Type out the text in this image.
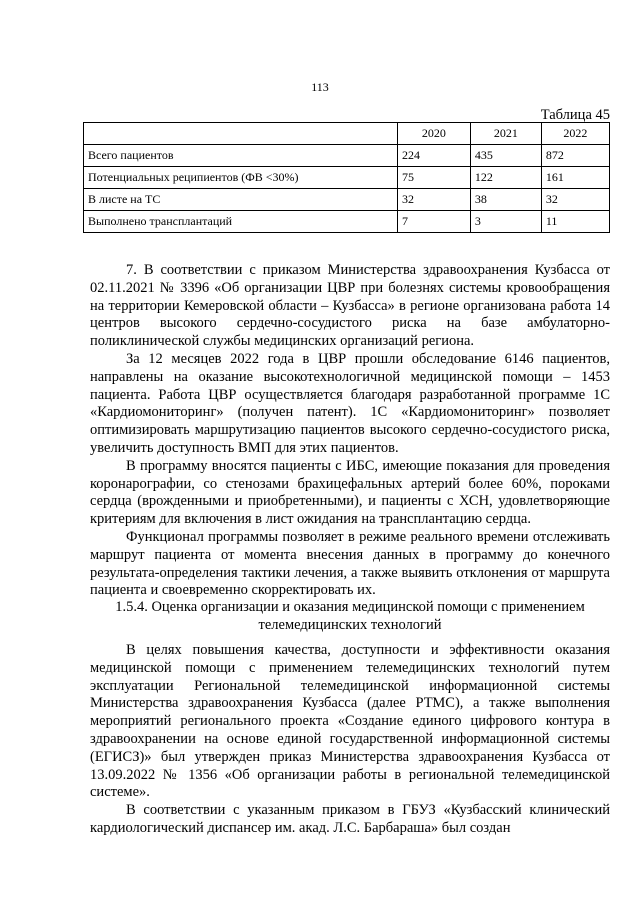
113
Таблица 45
	2020	2021	2022
Всего пациентов	224	435	872
Потенциальных реципиентов (ФВ <30%)	75	122	161
В листе на ТС	32	38	32
Выполнено трансплантаций	7	3	11

7. В соответствии с приказом Министерства здравоохранения Кузбасса от 02.11.2021 № 3396 «Об организации ЦВР при болезнях системы кровообращения на территории Кемеровской области – Кузбасса» в регионе организована работа 14 центров высокого сердечно-сосудистого риска на базе амбулаторно-поликлинической службы медицинских организаций региона.

За 12 месяцев 2022 года в ЦВР прошли обследование 6146 пациентов, направлены на оказание высокотехнологичной медицинской помощи – 1453 пациента. Работа ЦВР осуществляется благодаря разработанной программе 1С «Кардиомониторинг» (получен патент). 1С «Кардиомониторинг» позволяет оптимизировать маршрутизацию пациентов высокого сердечно-сосудистого риска, увеличить доступность ВМП для этих пациентов.

В программу вносятся пациенты с ИБС, имеющие показания для проведения коронарографии, со стенозами брахицефальных артерий более 60%, пороками сердца (врожденными и приобретенными), и пациенты с ХСН, удовлетворяющие критериям для включения в лист ожидания на трансплантацию сердца.

Функционал программы позволяет в режиме реального времени отслеживать маршрут пациента от момента внесения данных в программу до конечного результата-определения тактики лечения, а также выявить отклонения от маршрута пациента и своевременно скорректировать их.

1.5.4. Оценка организации и оказания медицинской помощи с применением телемедицинских технологий

В целях повышения качества, доступности и эффективности оказания медицинской помощи с применением телемедицинских технологий путем эксплуатации Региональной телемедицинской информационной системы Министерства здравоохранения Кузбасса (далее РТМС), а также выполнения мероприятий регионального проекта «Создание единого цифрового контура в здравоохранении на основе единой государственной информационной системы (ЕГИСЗ)» был утвержден приказ Министерства здравоохранения Кузбасса от 13.09.2022 № 1356 «Об организации работы в региональной телемедицинской системе».

В соответствии с указанным приказом в ГБУЗ «Кузбасский клинический кардиологический диспансер им. акад. Л.С. Барбараша» был создан
